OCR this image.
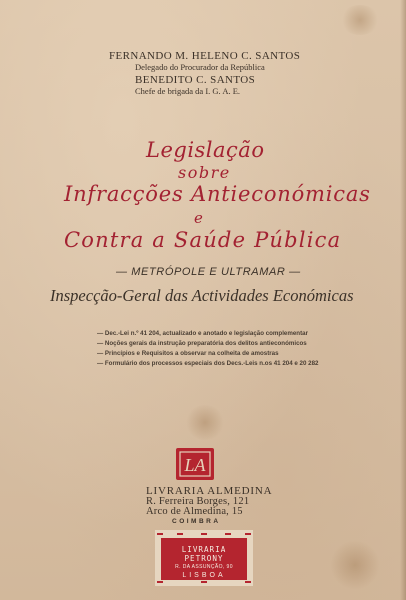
FERNANDO M. HELENO C. SANTOS
Delegado do Procurador da República
BENEDITO C. SANTOS
Chefe de brigada da I. G. A. E.
Legislação
sobre
Infracções Antieconómicas
e
Contra a Saúde Pública
— METRÓPOLE E ULTRAMAR —
Inspecção-Geral das Actividades Económicas
— Dec.-Lei n.º 41 204, actualizado e anotado e legislação complementar
— Noções gerais da instrução preparatória dos delitos antieconómicos
— Princípios e Requisitos a observar na colheita de amostras
— Formulário dos processos especiais dos Decs.-Leis n.os 41 204 e 20 282
LA
LIVRARIA ALMEDINA
R. Ferreira Borges, 121
Arco de Almedina, 15
COIMBRA
LIVRARIA PETRONY
R. DA ASSUNÇÃO, 90
LISBOA
